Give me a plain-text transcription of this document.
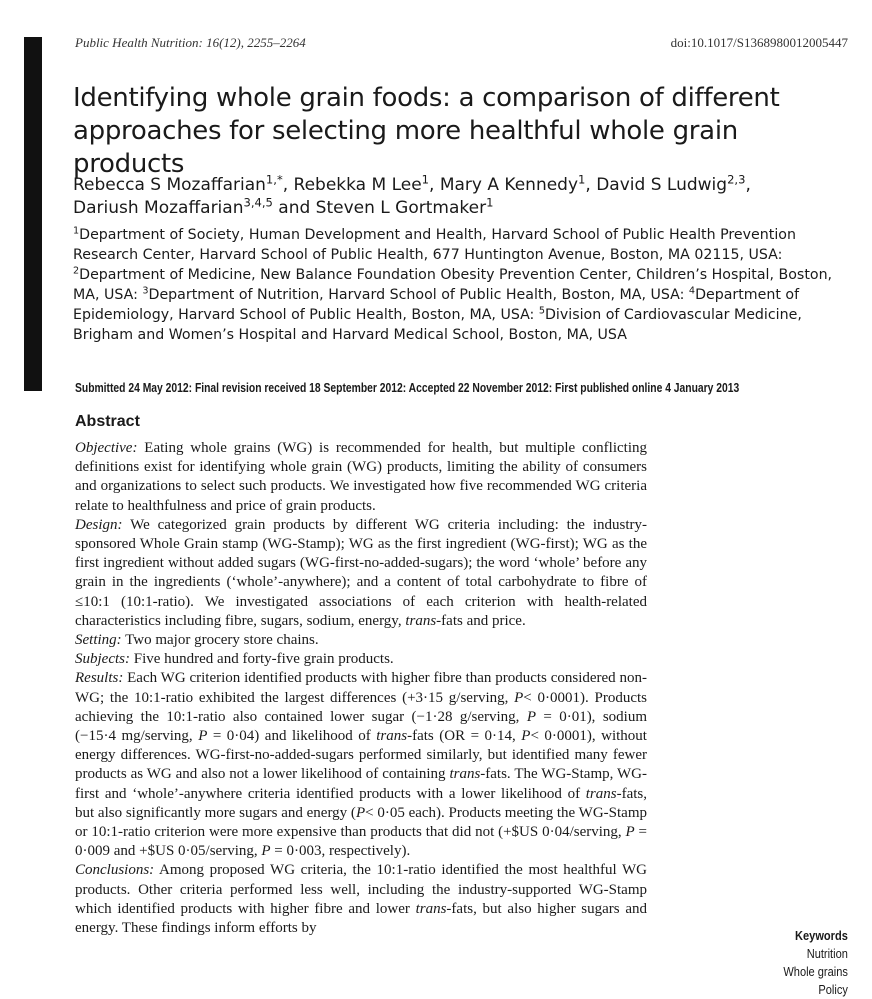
Public Health Nutrition: 16(12), 2255–2264	doi:10.1017/S1368980012005447
Identifying whole grain foods: a comparison of different approaches for selecting more healthful whole grain products
Rebecca S Mozaffarian$^{1,*}$, Rebekka M Lee$^1$, Mary A Kennedy$^1$, David S Ludwig$^{2,3}$,
Dariush Mozaffarian$^{3,4,5}$ and Steven L Gortmaker$^1$
$^1$Department of Society, Human Development and Health, Harvard School of Public Health Prevention Research Center, Harvard School of Public Health, 677 Huntington Avenue, Boston, MA 02115, USA: $^2$Department of Medicine, New Balance Foundation Obesity Prevention Center, Children’s Hospital, Boston, MA, USA: $^3$Department of Nutrition, Harvard School of Public Health, Boston, MA, USA: $^4$Department of Epidemiology, Harvard School of Public Health, Boston, MA, USA: $^5$Division of Cardiovascular Medicine, Brigham and Women’s Hospital and Harvard Medical School, Boston, MA, USA
Submitted 24 May 2012: Final revision received 18 September 2012: Accepted 22 November 2012: First published online 4 January 2013
Abstract

Objective: Eating whole grains (WG) is recommended for health, but multiple conflicting definitions exist for identifying whole grain (WG) products, limiting the ability of consumers and organizations to select such products. We investigated how five recommended WG criteria relate to healthfulness and price of grain products.

Design: We categorized grain products by different WG criteria including: the industry-sponsored Whole Grain stamp (WG-Stamp); WG as the first ingredient (WG-first); WG as the first ingredient without added sugars (WG-first-no-added-sugars); the word ‘whole’ before any grain in the ingredients (‘whole’-anywhere); and a content of total carbohydrate to fibre of ≤10:1 (10:1-ratio). We investigated associations of each criterion with health-related characteristics including fibre, sugars, sodium, energy, trans-fats and price.

Setting: Two major grocery store chains.

Subjects: Five hundred and forty-five grain products.

Results: Each WG criterion identified products with higher fibre than products considered non-WG; the 10:1-ratio exhibited the largest differences (+3·15 g/serving, P< 0·0001). Products achieving the 10:1-ratio also contained lower sugar (−1·28 g/serving, P = 0·01), sodium (−15·4 mg/serving, P = 0·04) and likelihood of trans-fats (OR = 0·14, P< 0·0001), without energy differences. WG-first-no-added-sugars performed similarly, but identified many fewer products as WG and also not a lower likelihood of containing trans-fats. The WG-Stamp, WG-first and ‘whole’-anywhere criteria identified products with a lower likelihood of trans-fats, but also significantly more sugars and energy (P< 0·05 each). Products meeting the WG-Stamp or 10:1-ratio criterion were more expensive than products that did not (+$US 0·04/serving, P = 0·009 and +$US 0·05/serving, P = 0·003, respectively).

Conclusions: Among proposed WG criteria, the 10:1-ratio identified the most healthful WG products. Other criteria performed less well, including the industry-supported WG-Stamp which identified products with higher fibre and lower trans-fats, but also higher sugars and energy. These findings inform efforts by	Keywords
Nutrition
Whole grains
Policy
